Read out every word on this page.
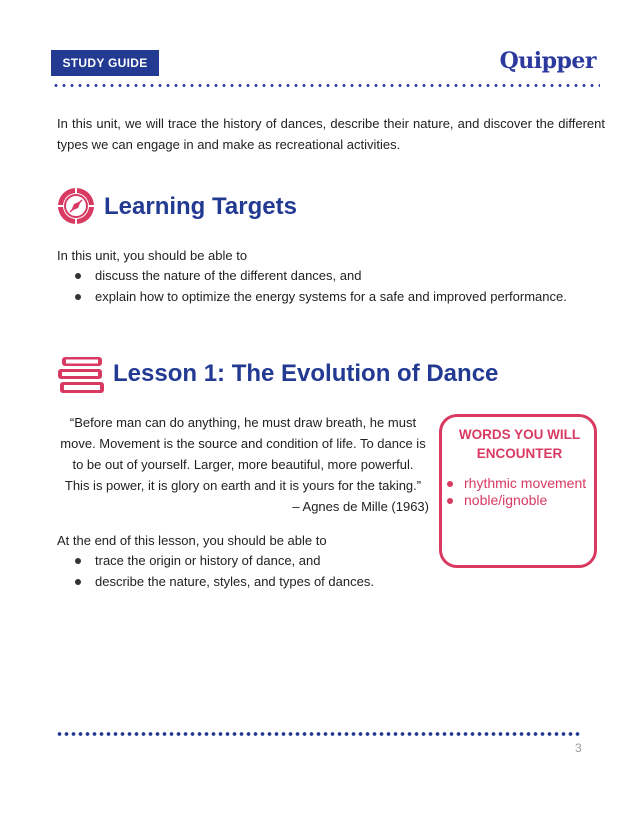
STUDY GUIDE	Quipper
In this unit, we will trace the history of dances, describe their nature, and discover the different types we can engage in and make as recreational activities.
Learning Targets
In this unit, you should be able to
discuss the nature of the different dances, and
explain how to optimize the energy systems for a safe and improved performance.
Lesson 1: The Evolution of Dance
“Before man can do anything, he must draw breath, he must
move. Movement is the source and condition of life. To dance is
to be out of yourself. Larger, more beautiful, more powerful.
This is power, it is glory on earth and it is yours for the taking.”
– Agnes de Mille (1963)
At the end of this lesson, you should be able to
trace the origin or history of dance, and
describe the nature, styles, and types of dances.
WORDS YOU WILL
ENCOUNTER
rhythmic movement
noble/ignoble
3
